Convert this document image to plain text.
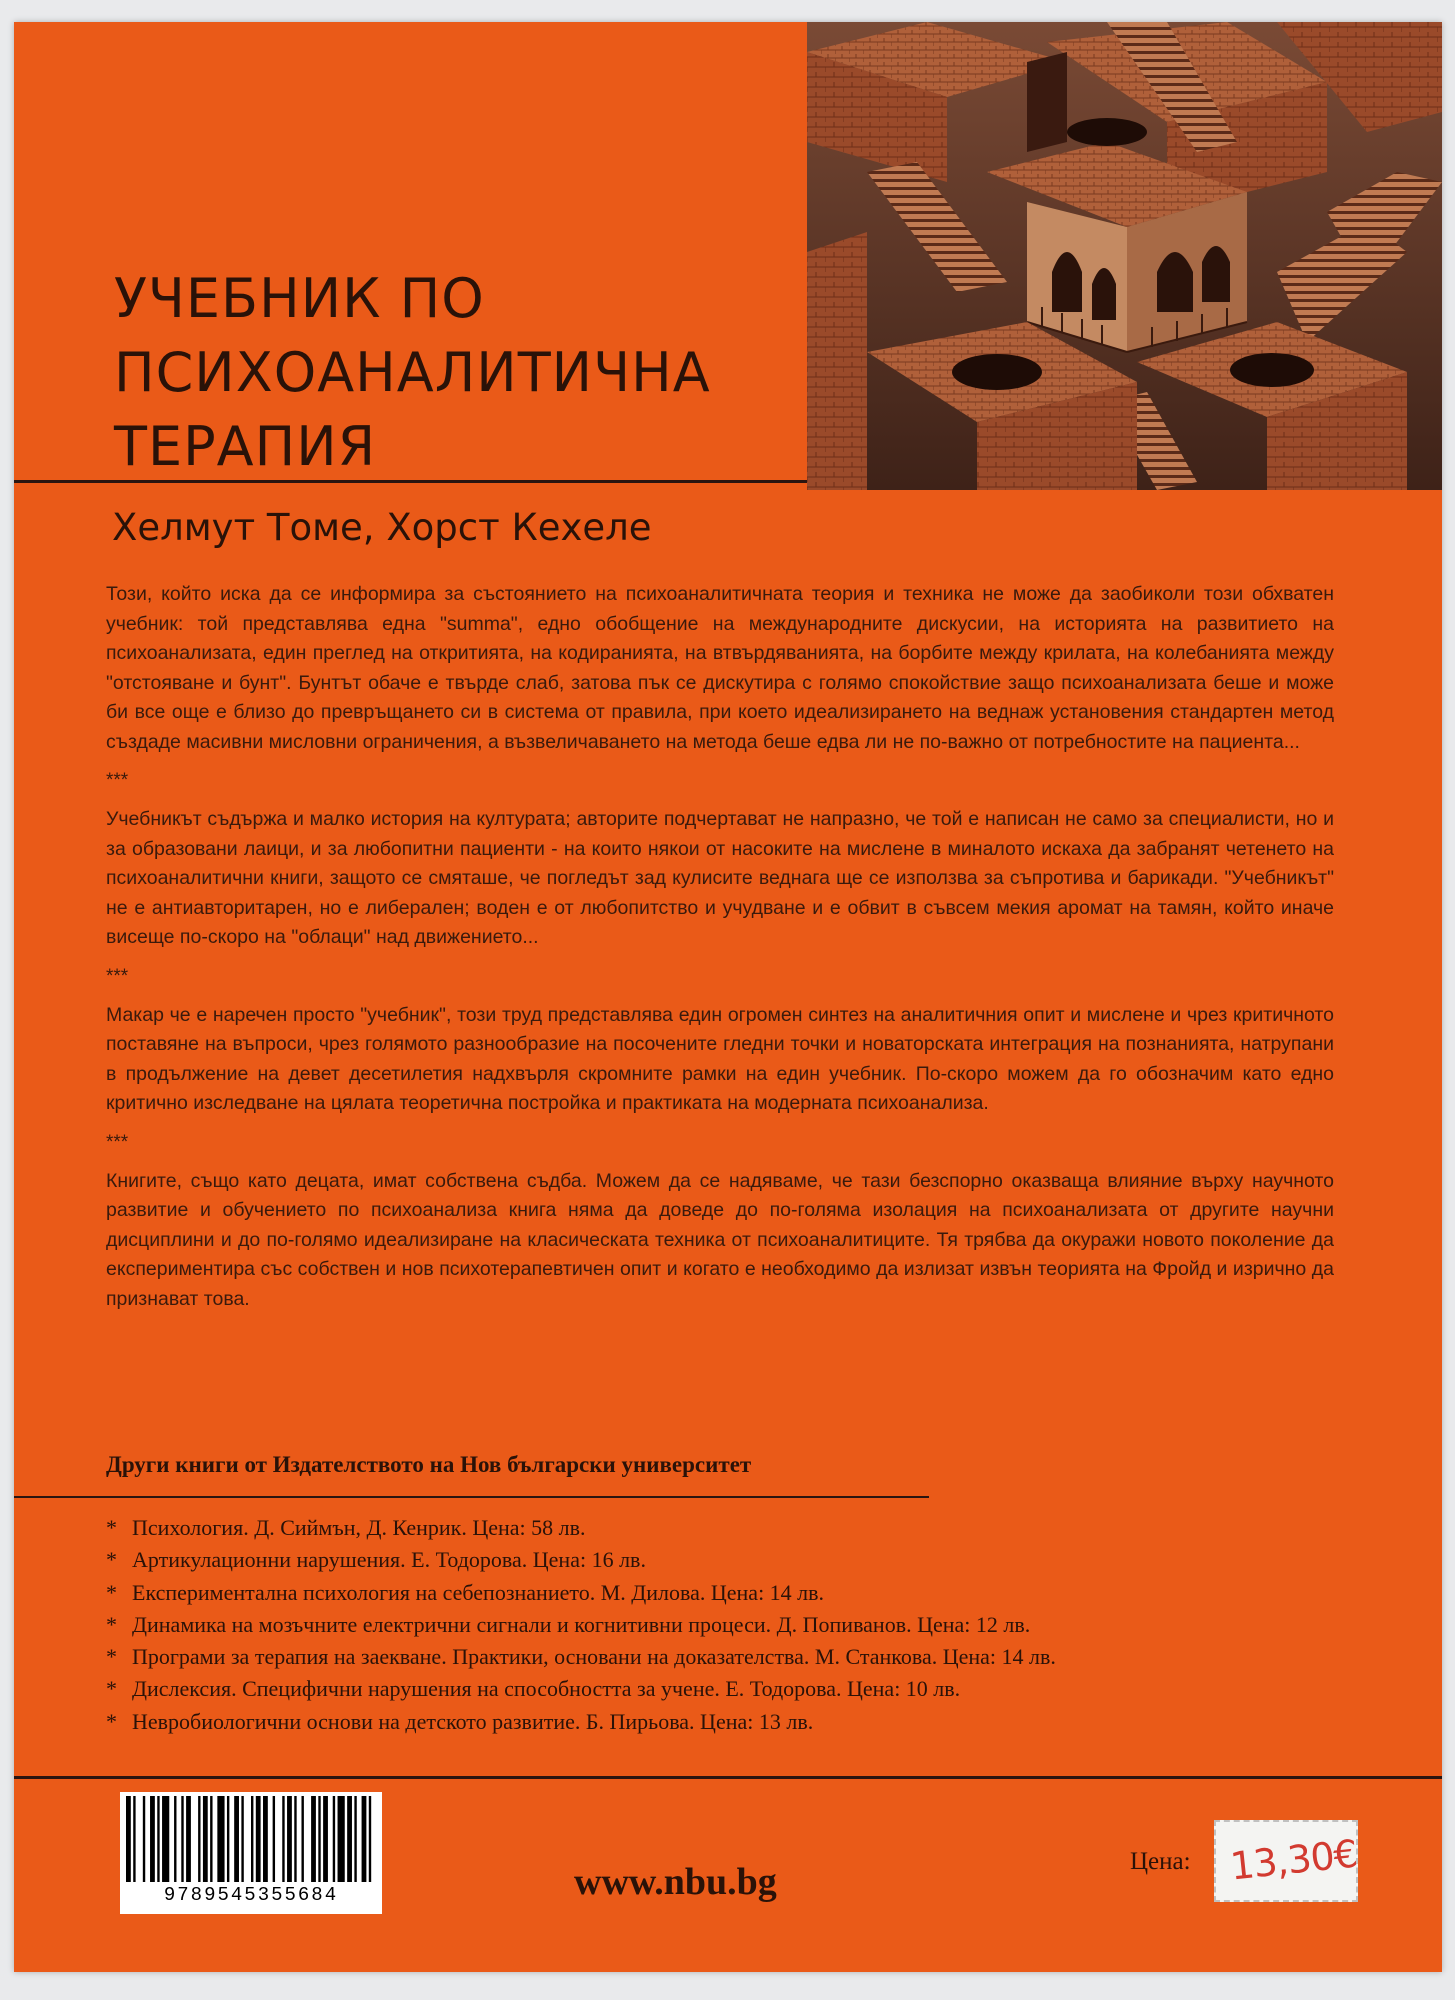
УЧЕБНИК ПО
ПСИХОАНАЛИТИЧНА
ТЕРАПИЯ
Хелмут Томе, Хорст Кехеле

Този, който иска да се информира за състоянието на психоаналитичната теория и техника не може да заобиколи този обхватен учебник: той представлява една "summa", едно обобщение на международните дискусии, на историята на развитието на психоанализата, един преглед на откритията, на кодиранията, на втвърдяванията, на борбите между крилата, на колебанията между "отстояване и бунт". Бунтът обаче е твърде слаб, затова пък се дискутира с голямо спокойствие защо психоанализата беше и може би все още е близо до превръщането си в система от правила, при което идеализирането на веднаж установения стандартен метод създаде масивни мисловни ограничения, а възвеличаването на метода беше едва ли не по-важно от потребностите на пациента...

***

Учебникът съдържа и малко история на културата; авторите подчертават не напразно, че той е написан не само за специалисти, но и за образовани лаици, и за любопитни пациенти - на които някои от насоките на мислене в миналото искаха да забранят четенето на психоаналитични книги, защото се смяташе, че погледът зад кулисите веднага ще се използва за съпротива и барикади. "Учебникът" не е антиавторитарен, но е либерален; воден е от любопитство и учудване и е обвит в съвсем мекия аромат на тамян, който иначе висеще по-скоро на "облаци" над движението...

***

Макар че е наречен просто "учебник", този труд представлява един огромен синтез на аналитичния опит и мислене и чрез критичното поставяне на въпроси, чрез голямото разнообразие на посочените гледни точки и новаторската интеграция на познанията, натрупани в продължение на девет десетилетия надхвърля скромните рамки на един учебник. По-скоро можем да го обозначим като едно критично изследване на цялата теоретична постройка и практиката на модерната психоанализа.

***

Книгите, също като децата, имат собствена съдба. Можем да се надяваме, че тази безспорно оказваща влияние върху научното развитие и обучението по психоанализа книга няма да доведе до по-голяма изолация на психоанализата от другите научни дисциплини и до по-голямо идеализиране на класическата техника от психоаналитиците. Тя трябва да окуражи новото поколение да експериментира със собствен и нов психотерапевтичен опит и когато е необходимо да излизат извън теорията на Фройд и изрично да признават това.

Други книги от Издателството на Нов български университет
* Психология. Д. Сиймън, Д. Кенрик. Цена: 58 лв.
* Артикулационни нарушения. Е. Тодорова. Цена: 16 лв.
* Експериментална психология на себепознанието. М. Дилова. Цена: 14 лв.
* Динамика на мозъчните електрични сигнали и когнитивни процеси. Д. Попиванов. Цена: 12 лв.
* Програми за терапия на заекване. Практики, основани на доказателства. М. Станкова. Цена: 14 лв.
* Дислексия. Специфични нарушения на способността за учене. Е. Тодорова. Цена: 10 лв.
* Невробиологични основи на детското развитие. Б. Пирьова. Цена: 13 лв.
9789545355684	www.nbu.bg	Цена: 13,30€
